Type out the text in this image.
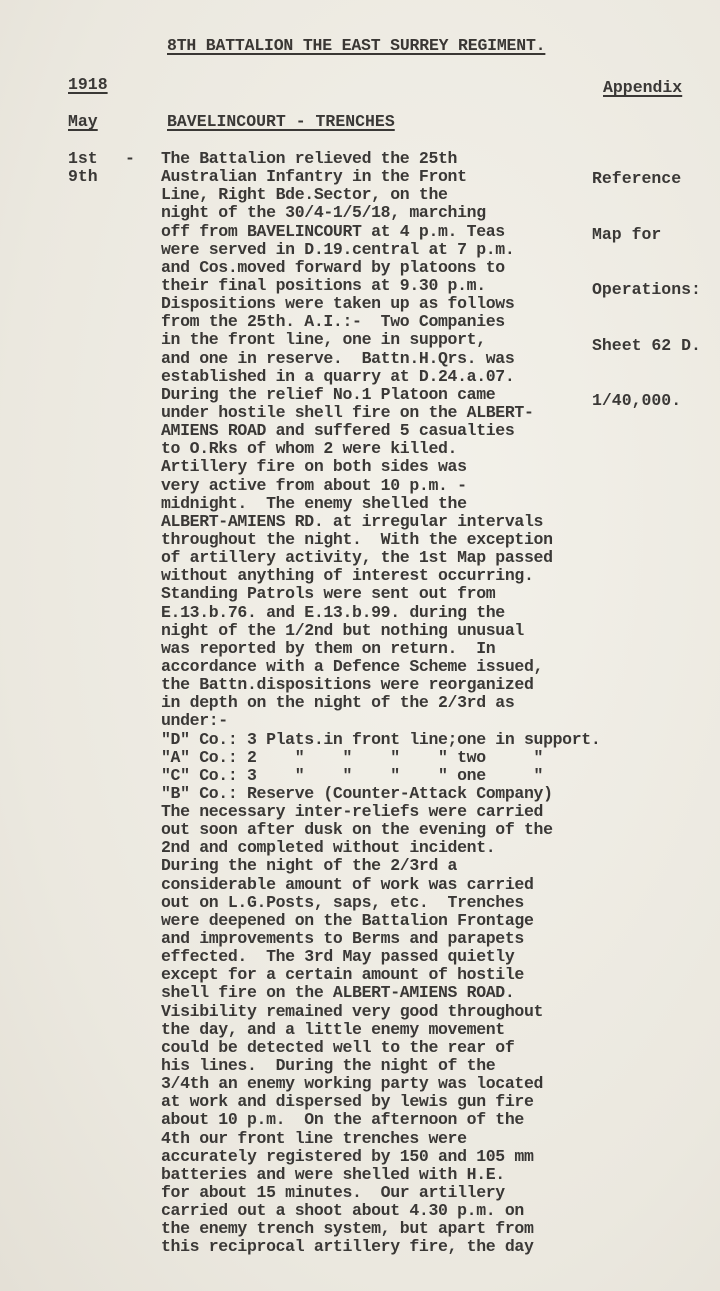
8TH BATTALION THE EAST SURREY REGIMENT.
1918	Appendix
May	BAVELINCOURT - TRENCHES
1st -
9th

	Reference

Map for

Operations:

Sheet 62 D.

1/40,000.

The Battalion relieved the 25th
Australian Infantry in the Front
Line, Right Bde.Sector, on the
night of the 30/4-1/5/18, marching
off from BAVELINCOURT at 4 p.m. Teas
were served in D.19.central at 7 p.m.
and Cos.moved forward by platoons to
their final positions at 9.30 p.m.
Dispositions were taken up as follows
from the 25th. A.I.:-  Two Companies
in the front line, one in support,
and one in reserve.  Battn.H.Qrs. was
established in a quarry at D.24.a.07.
During the relief No.1 Platoon came
under hostile shell fire on the ALBERT-
AMIENS ROAD and suffered 5 casualties
to O.Rks of whom 2 were killed.
Artillery fire on both sides was
very active from about 10 p.m. -
midnight.  The enemy shelled the
ALBERT-AMIENS RD. at irregular intervals
throughout the night.  With the exception
of artillery activity, the 1st Map passed
without anything of interest occurring.
Standing Patrols were sent out from
E.13.b.76. and E.13.b.99. during the
night of the 1/2nd but nothing unusual
was reported by them on return.  In
accordance with a Defence Scheme issued,
the Battn.dispositions were reorganized
in depth on the night of the 2/3rd as
under:-
"D" Co.: 3 Plats.in front line;one in support.
"A" Co.: 2    "    "    "    " two     "
"C" Co.: 3    "    "    "    " one     "
"B" Co.: Reserve (Counter-Attack Company)
The necessary inter-reliefs were carried
out soon after dusk on the evening of the
2nd and completed without incident.
During the night of the 2/3rd a
considerable amount of work was carried
out on L.G.Posts, saps, etc.  Trenches
were deepened on the Battalion Frontage
and improvements to Berms and parapets
effected.  The 3rd May passed quietly
except for a certain amount of hostile
shell fire on the ALBERT-AMIENS ROAD.
Visibility remained very good throughout
the day, and a little enemy movement
could be detected well to the rear of
his lines.  During the night of the
3/4th an enemy working party was located
at work and dispersed by lewis gun fire
about 10 p.m.  On the afternoon of the
4th our front line trenches were
accurately registered by 150 and 105 mm
batteries and were shelled with H.E.
for about 15 minutes.  Our artillery
carried out a shoot about 4.30 p.m. on
the enemy trench system, but apart from
this reciprocal artillery fire, the day
